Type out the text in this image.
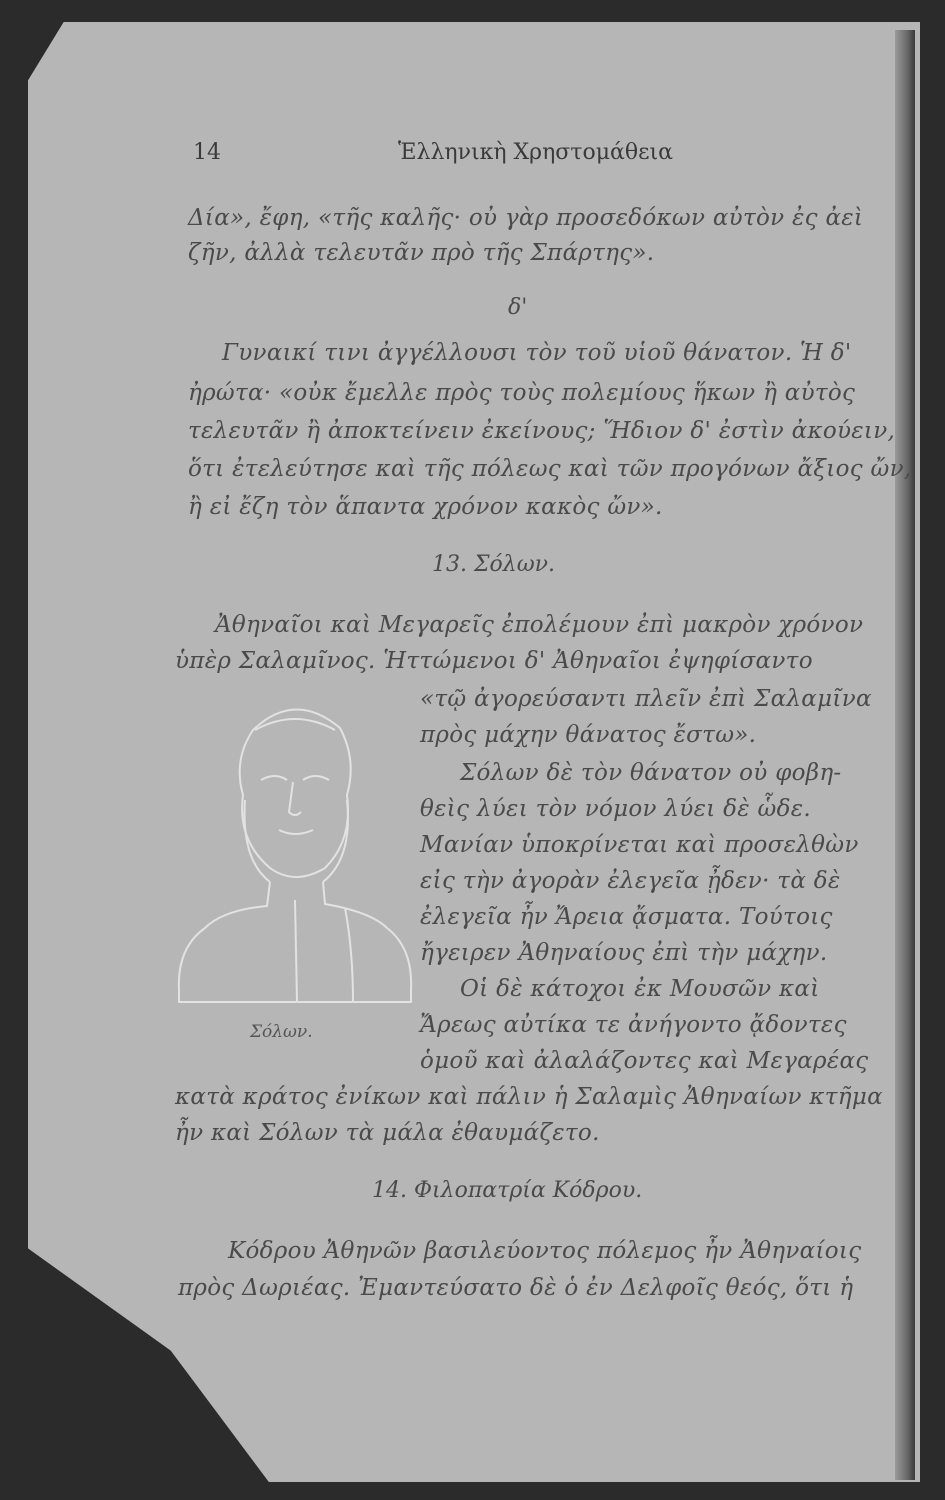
14	Ἑλληνικὴ Χρηστομάθεια
Δία», ἔφη, «τῆς καλῆς· οὐ γὰρ προσεδόκων αὐτὸν ἐς ἀεὶ
ζῆν, ἀλλὰ τελευτᾶν πρὸ τῆς Σπάρτης».
δ'
Γυναικί τινι ἀγγέλλουσι τὸν τοῦ υἱοῦ θάνατον. Ἡ δ'
ἠρώτα· «οὐκ ἔμελλε πρὸς τοὺς πολεμίους ἥκων ἢ αὐτὸς
τελευτᾶν ἢ ἀποκτείνειν ἐκείνους; Ἥδιον δ' ἐστὶν ἀκούειν,
ὅτι ἐτελεύτησε καὶ τῆς πόλεως καὶ τῶν προγόνων ἄξιος ὤν,
ἢ εἰ ἔζη τὸν ἅπαντα χρόνον κακὸς ὤν».
13. Σόλων.
Ἀθηναῖοι καὶ Μεγαρεῖς ἐπολέμουν ἐπὶ μακρὸν χρόνον
ὑπὲρ Σαλαμῖνος. Ἡττώμενοι δ' Ἀθηναῖοι ἐψηφίσαντο
«τῷ ἀγορεύσαντι πλεῖν ἐπὶ Σαλαμῖνα
πρὸς μάχην θάνατος ἔστω».
Σόλων δὲ τὸν θάνατον οὐ φοβη-
θεὶς λύει τὸν νόμον λύει δὲ ὧδε.
Μανίαν ὑποκρίνεται καὶ προσελθὼν
εἰς τὴν ἀγορὰν ἐλεγεῖα ᾖδεν· τὰ δὲ
ἐλεγεῖα ἦν Ἄρεια ᾄσματα. Τούτοις
ἤγειρεν Ἀθηναίους ἐπὶ τὴν μάχην.
Οἱ δὲ κάτοχοι ἐκ Μουσῶν καὶ
Ἄρεως αὐτίκα τε ἀνήγοντο ᾄδοντες
ὁμοῦ καὶ ἀλαλάζοντες καὶ Μεγαρέας
κατὰ κράτος ἐνίκων καὶ πάλιν ἡ Σαλαμὶς Ἀθηναίων κτῆμα
ἦν καὶ Σόλων τὰ μάλα ἐθαυμάζετο.
Σόλων.
14. Φιλοπατρία Κόδρου.
Κόδρου Ἀθηνῶν βασιλεύοντος πόλεμος ἦν Ἀθηναίοις
πρὸς Δωριέας. Ἐμαντεύσατο δὲ ὁ ἐν Δελφοῖς θεός, ὅτι ἡ
